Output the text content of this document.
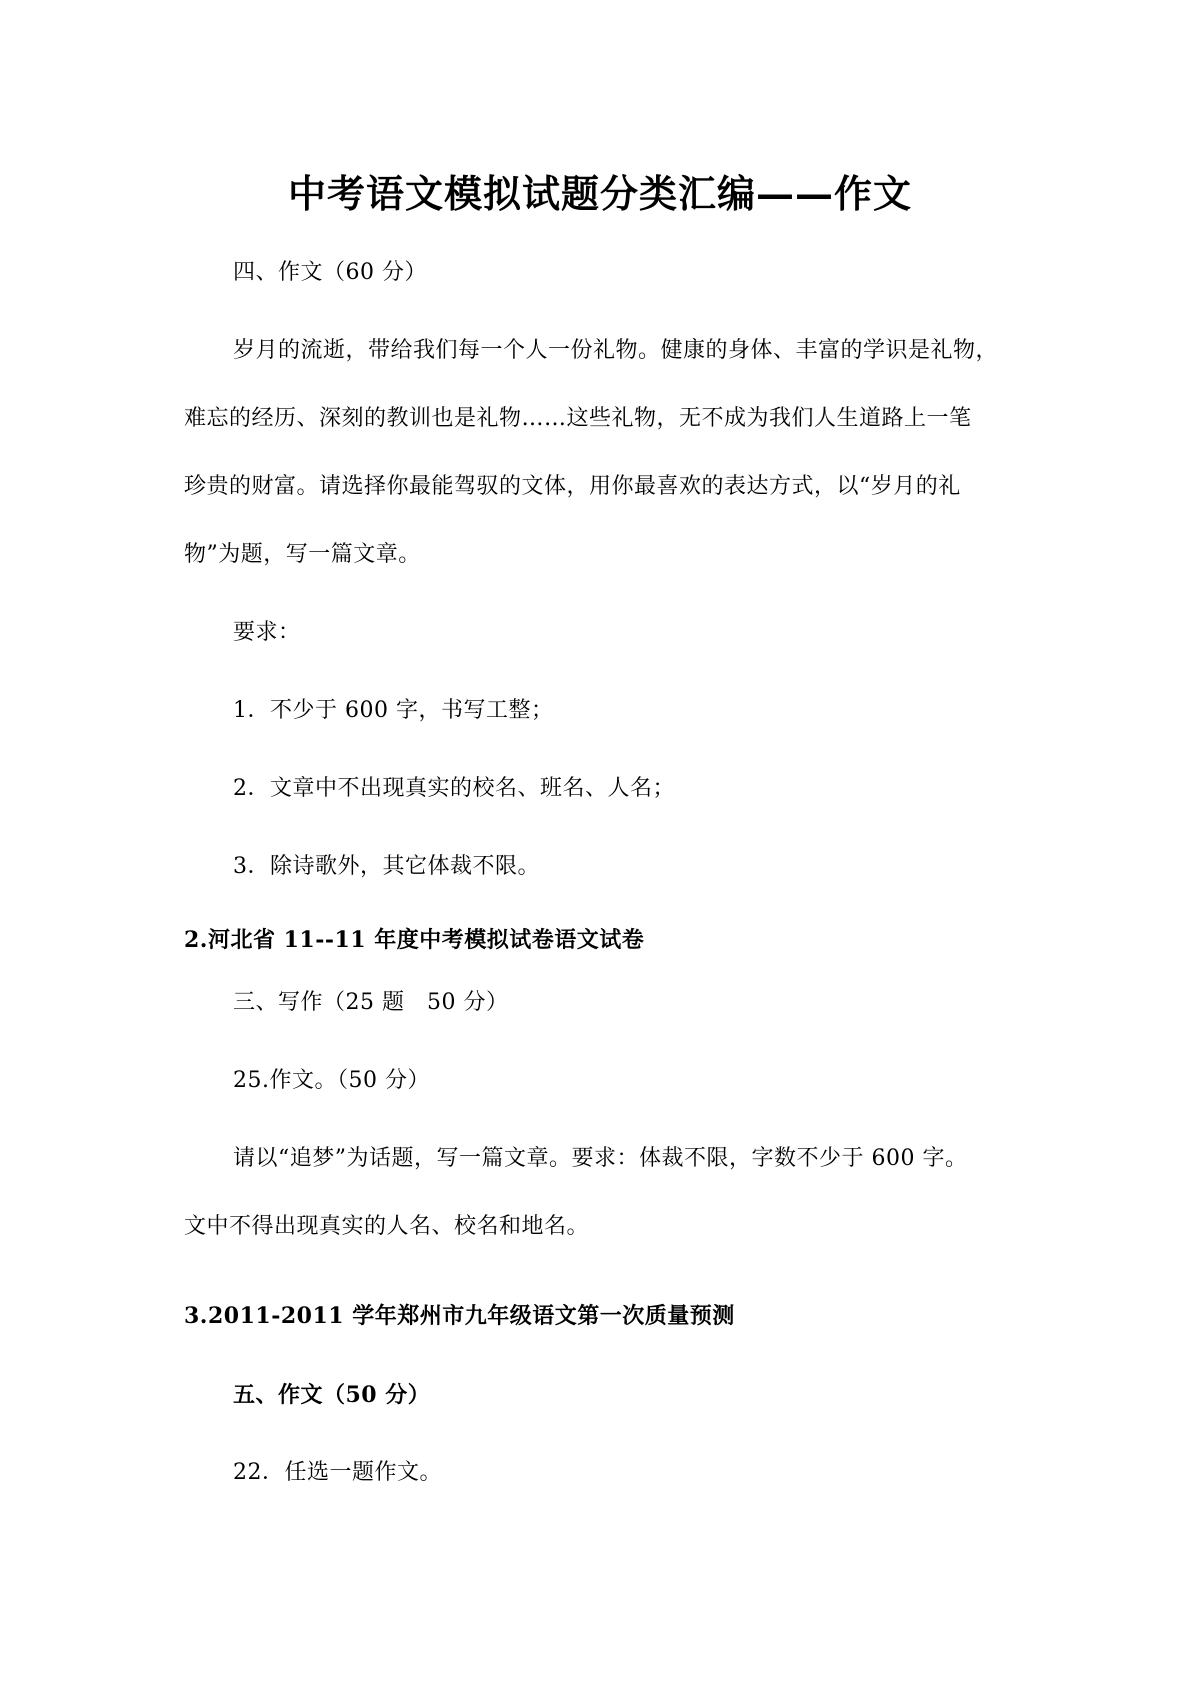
中考语文模拟试题分类汇编——作文
四、作文（60 分）
岁月的流逝，带给我们每一个人一份礼物。健康的身体、丰富的学识是礼物，
难忘的经历、深刻的教训也是礼物……这些礼物，无不成为我们人生道路上一笔
珍贵的财富。请选择你最能驾驭的文体，用你最喜欢的表达方式，以“岁月的礼
物”为题，写一篇文章。
要求：
1．不少于 600 字，书写工整；
2．文章中不出现真实的校名、班名、人名；
3．除诗歌外，其它体裁不限。
2.河北省 11--11 年度中考模拟试卷语文试卷
三、写作（25 题　50 分）
25.作文。（50 分）
请以“追梦”为话题，写一篇文章。要求：体裁不限，字数不少于 600 字。
文中不得出现真实的人名、校名和地名。
3.2011-2011 学年郑州市九年级语文第一次质量预测
五、作文（50 分）
22．任选一题作文。
